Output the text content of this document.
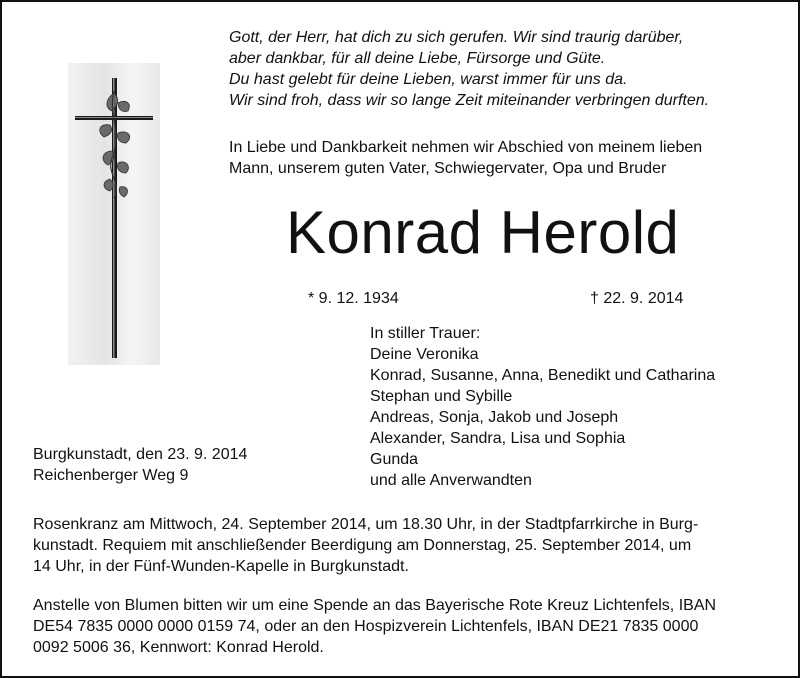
Gott, der Herr, hat dich zu sich gerufen. Wir sind traurig darüber,
aber dankbar, für all deine Liebe, Fürsorge und Güte.
Du hast gelebt für deine Lieben, warst immer für uns da.
Wir sind froh, dass wir so lange Zeit miteinander verbringen durften.
In Liebe und Dankbarkeit nehmen wir Abschied von meinem lieben
Mann, unserem guten Vater, Schwiegervater, Opa und Bruder
Konrad Herold
* 9. 12. 1934	† 22. 9. 2014
In stiller Trauer:
Deine Veronika
Konrad, Susanne, Anna, Benedikt und Catharina
Stephan und Sybille
Andreas, Sonja, Jakob und Joseph
Alexander, Sandra, Lisa und Sophia
Gunda
und alle Anverwandten
Burgkunstadt, den 23. 9. 2014
Reichenberger Weg 9
Rosenkranz am Mittwoch, 24. September 2014, um 18.30 Uhr, in der Stadtpfarrkirche in Burg-
kunstadt. Requiem mit anschließender Beerdigung am Donnerstag, 25. September 2014, um
14 Uhr, in der Fünf-Wunden-Kapelle in Burgkunstadt.
Anstelle von Blumen bitten wir um eine Spende an das Bayerische Rote Kreuz Lichtenfels, IBAN
DE54 7835 0000 0000 0159 74, oder an den Hospizverein Lichtenfels, IBAN DE21 7835 0000
0092 5006 36, Kennwort: Konrad Herold.
